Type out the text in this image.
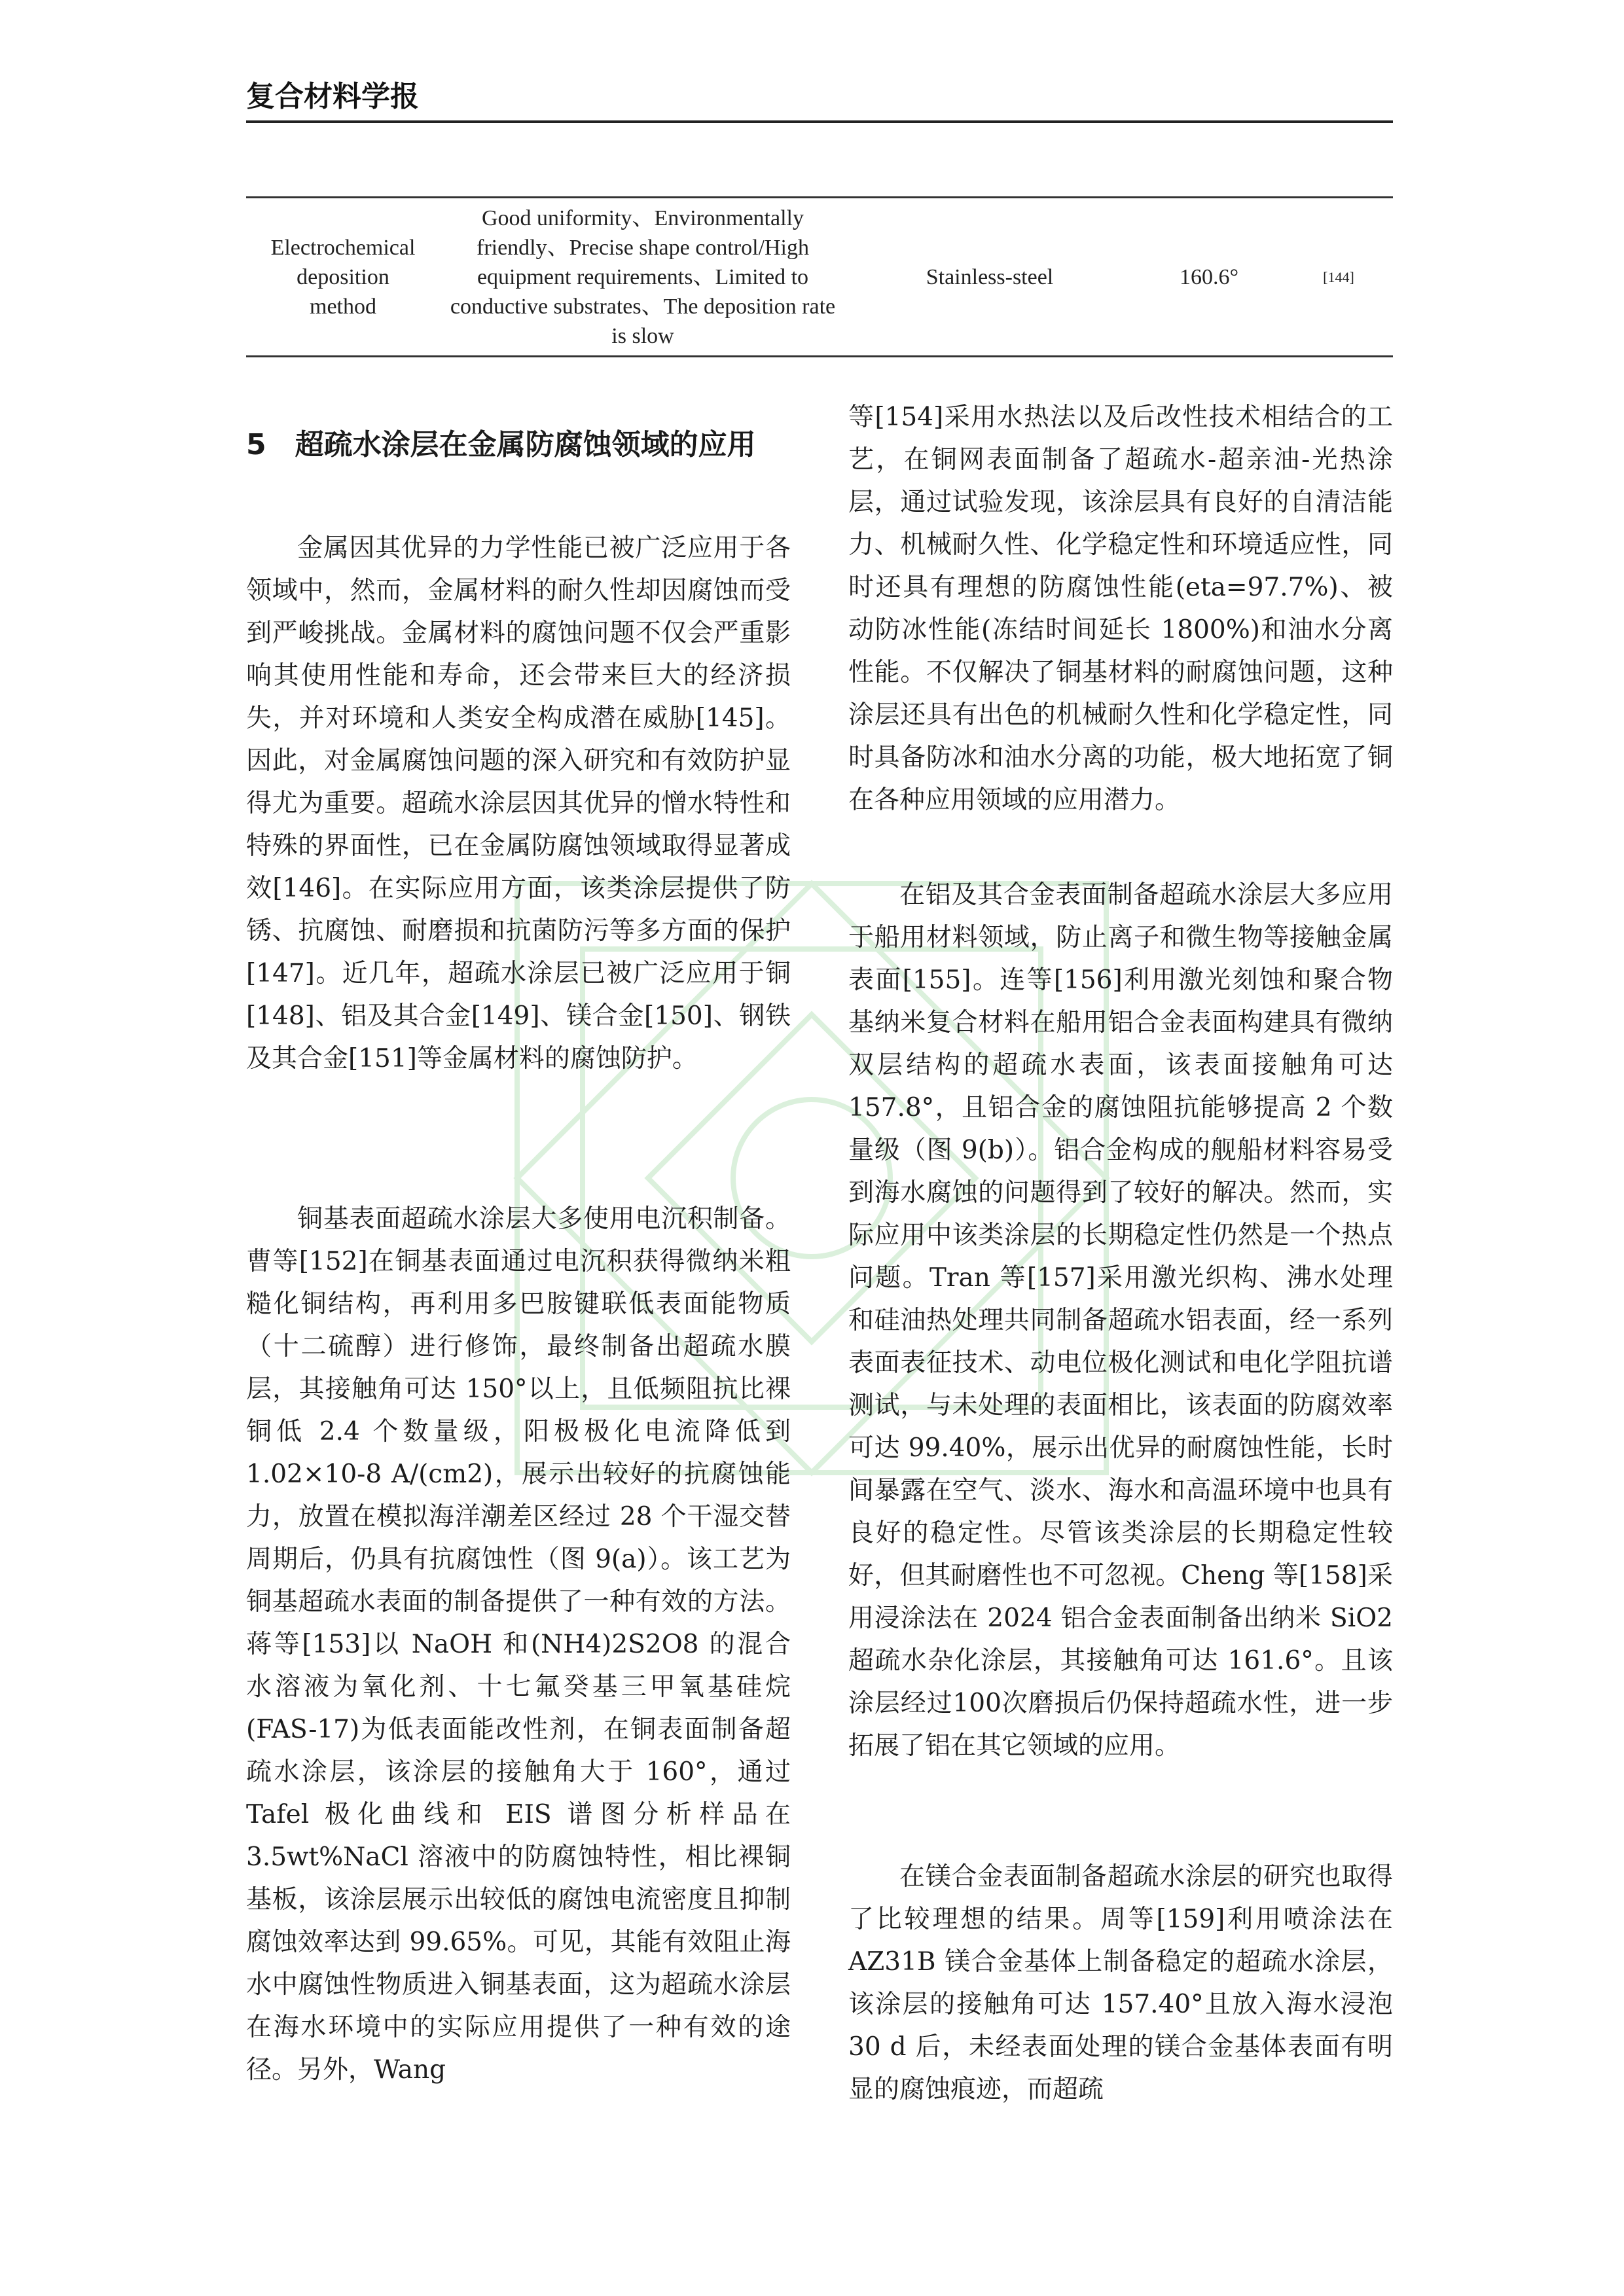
复合材料学报
Electrochemical deposition method
Good uniformity、Environmentally friendly、Precise shape control/High equipment requirements、Limited to conductive substrates、The deposition rate is slow
Stainless-steel	160.6°	[144]
5　超疏水涂层在金属防腐蚀领域的应用
金属因其优异的力学性能已被广泛应用于各领域中，然而，金属材料的耐久性却因腐蚀而受到严峻挑战。金属材料的腐蚀问题不仅会严重影响其使用性能和寿命，还会带来巨大的经济损失，并对环境和人类安全构成潜在威胁[145]。因此，对金属腐蚀问题的深入研究和有效防护显得尤为重要。超疏水涂层因其优异的憎水特性和特殊的界面性，已在金属防腐蚀领域取得显著成效[146]。在实际应用方面，该类涂层提供了防锈、抗腐蚀、耐磨损和抗菌防污等多方面的保护[147]。近几年，超疏水涂层已被广泛应用于铜[148]、铝及其合金[149]、镁合金[150]、钢铁及其合金[151]等金属材料的腐蚀防护。
铜基表面超疏水涂层大多使用电沉积制备。曹等[152]在铜基表面通过电沉积获得微纳米粗糙化铜结构，再利用多巴胺键联低表面能物质（十二硫醇）进行修饰，最终制备出超疏水膜层，其接触角可达 150°以上，且低频阻抗比裸铜低 2.4 个数量级，阳极极化电流降低到 1.02×10-8 A/(cm2)，展示出较好的抗腐蚀能力，放置在模拟海洋潮差区经过 28 个干湿交替周期后，仍具有抗腐蚀性（图 9(a)）。该工艺为铜基超疏水表面的制备提供了一种有效的方法。蒋等[153]以 NaOH 和(NH4)2S2O8 的混合水溶液为氧化剂、十七氟癸基三甲氧基硅烷(FAS-17)为低表面能改性剂，在铜表面制备超疏水涂层，该涂层的接触角大于 160°，通过 Tafel 极化曲线和 EIS 谱图分析样品在 3.5wt%NaCl 溶液中的防腐蚀特性，相比裸铜基板，该涂层展示出较低的腐蚀电流密度且抑制腐蚀效率达到 99.65%。可见，其能有效阻止海水中腐蚀性物质进入铜基表面，这为超疏水涂层在海水环境中的实际应用提供了一种有效的途径。另外，Wang
等[154]采用水热法以及后改性技术相结合的工艺，在铜网表面制备了超疏水-超亲油-光热涂层，通过试验发现，该涂层具有良好的自清洁能力、机械耐久性、化学稳定性和环境适应性，同时还具有理想的防腐蚀性能(eta=97.7%)、被动防冰性能(冻结时间延长 1800%)和油水分离性能。不仅解决了铜基材料的耐腐蚀问题，这种涂层还具有出色的机械耐久性和化学稳定性，同时具备防冰和油水分离的功能，极大地拓宽了铜在各种应用领域的应用潜力。
在铝及其合金表面制备超疏水涂层大多应用于船用材料领域，防止离子和微生物等接触金属表面[155]。连等[156]利用激光刻蚀和聚合物基纳米复合材料在船用铝合金表面构建具有微纳双层结构的超疏水表面，该表面接触角可达 157.8°，且铝合金的腐蚀阻抗能够提高 2 个数量级（图 9(b)）。铝合金构成的舰船材料容易受到海水腐蚀的问题得到了较好的解决。然而，实际应用中该类涂层的长期稳定性仍然是一个热点问题。Tran 等[157]采用激光织构、沸水处理和硅油热处理共同制备超疏水铝表面，经一系列表面表征技术、动电位极化测试和电化学阻抗谱测试，与未处理的表面相比，该表面的防腐效率可达 99.40%，展示出优异的耐腐蚀性能，长时间暴露在空气、淡水、海水和高温环境中也具有良好的稳定性。尽管该类涂层的长期稳定性较好，但其耐磨性也不可忽视。Cheng 等[158]采用浸涂法在 2024 铝合金表面制备出纳米 SiO2 超疏水杂化涂层，其接触角可达 161.6°。且该涂层经过100次磨损后仍保持超疏水性，进一步拓展了铝在其它领域的应用。
在镁合金表面制备超疏水涂层的研究也取得了比较理想的结果。周等[159]利用喷涂法在 AZ31B 镁合金基体上制备稳定的超疏水涂层，该涂层的接触角可达 157.40°且放入海水浸泡 30 d 后，未经表面处理的镁合金基体表面有明显的腐蚀痕迹，而超疏
